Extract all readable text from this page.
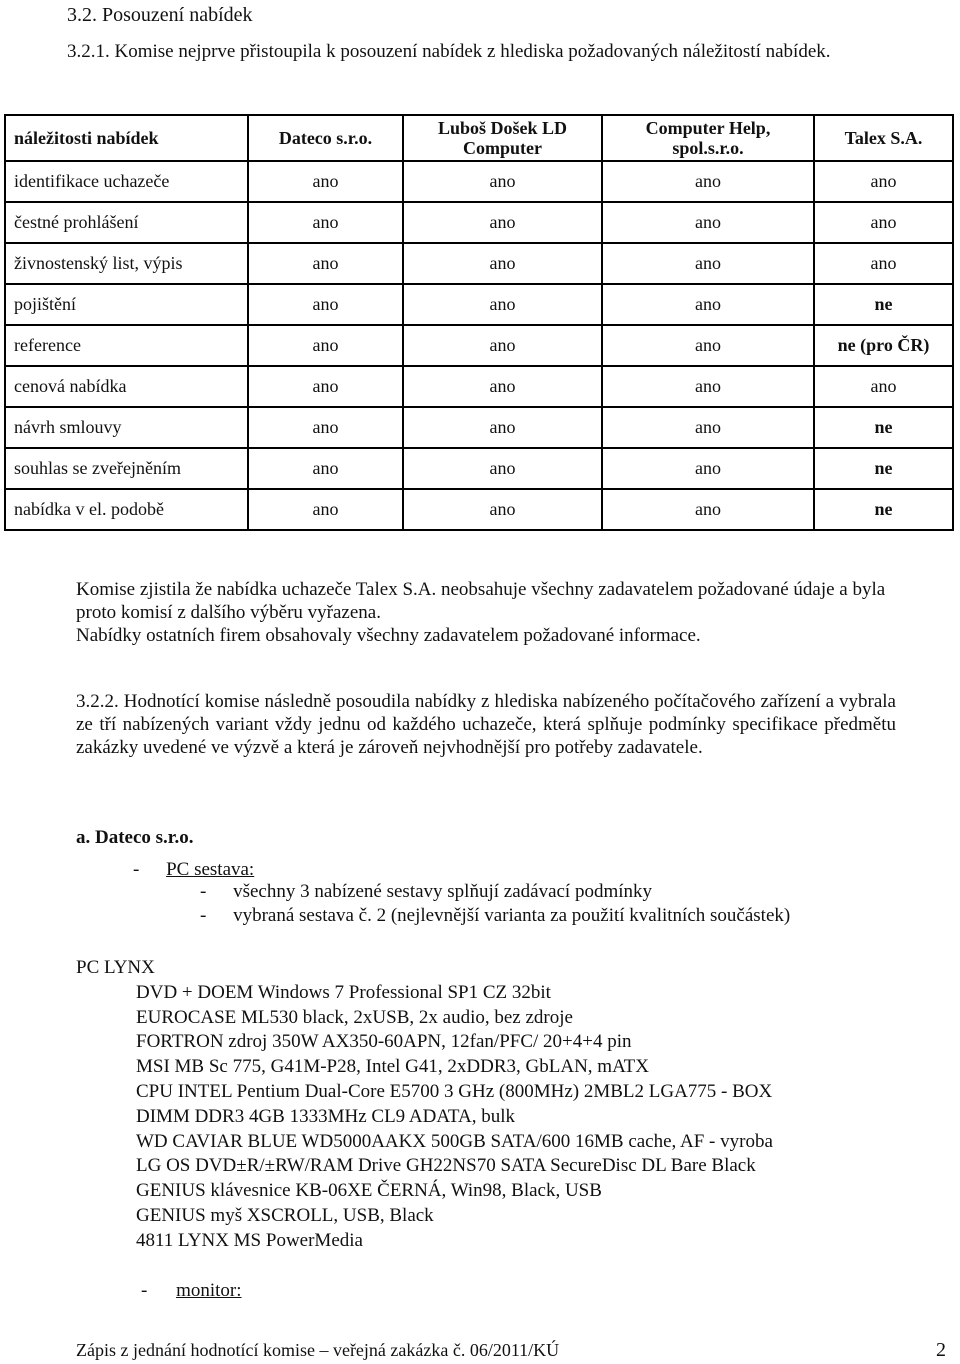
3.2. Posouzení nabídek
3.2.1. Komise nejprve přistoupila k posouzení nabídek z hlediska požadovaných náležitostí nabídek.
náležitosti nabídek	Dateco s.r.o.	Luboš Došek LD Computer	Computer Help, spol.s.r.o.	Talex S.A.
identifikace uchazeče	ano	ano	ano	ano
čestné prohlášení	ano	ano	ano	ano
živnostenský list, výpis	ano	ano	ano	ano
pojištění	ano	ano	ano	ne
reference	ano	ano	ano	ne (pro ČR)
cenová nabídka	ano	ano	ano	ano
návrh smlouvy	ano	ano	ano	ne
souhlas se zveřejněním	ano	ano	ano	ne
nabídka v el. podobě	ano	ano	ano	ne
Komise zjistila že nabídka uchazeče Talex S.A. neobsahuje všechny zadavatelem požadované údaje a byla proto komisí z dalšího výběru vyřazena.
Nabídky ostatních firem obsahovaly všechny zadavatelem požadované informace.
3.2.2. Hodnotící komise následně posoudila nabídky z hlediska nabízeného počítačového zařízení a vybrala ze tří nabízených variant vždy jednu od každého uchazeče, která splňuje podmínky specifikace předmětu zakázky uvedené ve výzvě a která je zároveň nejvhodnější pro potřeby zadavatele.
a. Dateco s.r.o.
- PC sestava:
- všechny 3 nabízené sestavy splňují zadávací podmínky
- vybraná sestava č. 2 (nejlevnější varianta za použití kvalitních součástek)
PC LYNX
DVD + DOEM Windows 7 Professional SP1 CZ 32bit
EUROCASE ML530 black, 2xUSB, 2x audio, bez zdroje
FORTRON zdroj 350W AX350-60APN, 12fan/PFC/ 20+4+4 pin
MSI MB Sc 775, G41M-P28, Intel G41, 2xDDR3, GbLAN, mATX
CPU INTEL Pentium Dual-Core E5700 3 GHz (800MHz) 2MBL2 LGA775 - BOX
DIMM DDR3 4GB 1333MHz CL9 ADATA, bulk
WD CAVIAR BLUE WD5000AAKX 500GB SATA/600 16MB cache, AF - vyroba
LG OS DVD±R/±RW/RAM Drive GH22NS70 SATA SecureDisc DL Bare Black
GENIUS klávesnice KB-06XE ČERNÁ, Win98, Black, USB
GENIUS myš XSCROLL, USB, Black
4811 LYNX MS PowerMedia
- monitor:
Zápis z jednání hodnotící komise – veřejná zakázka č. 06/2011/KÚ	2
